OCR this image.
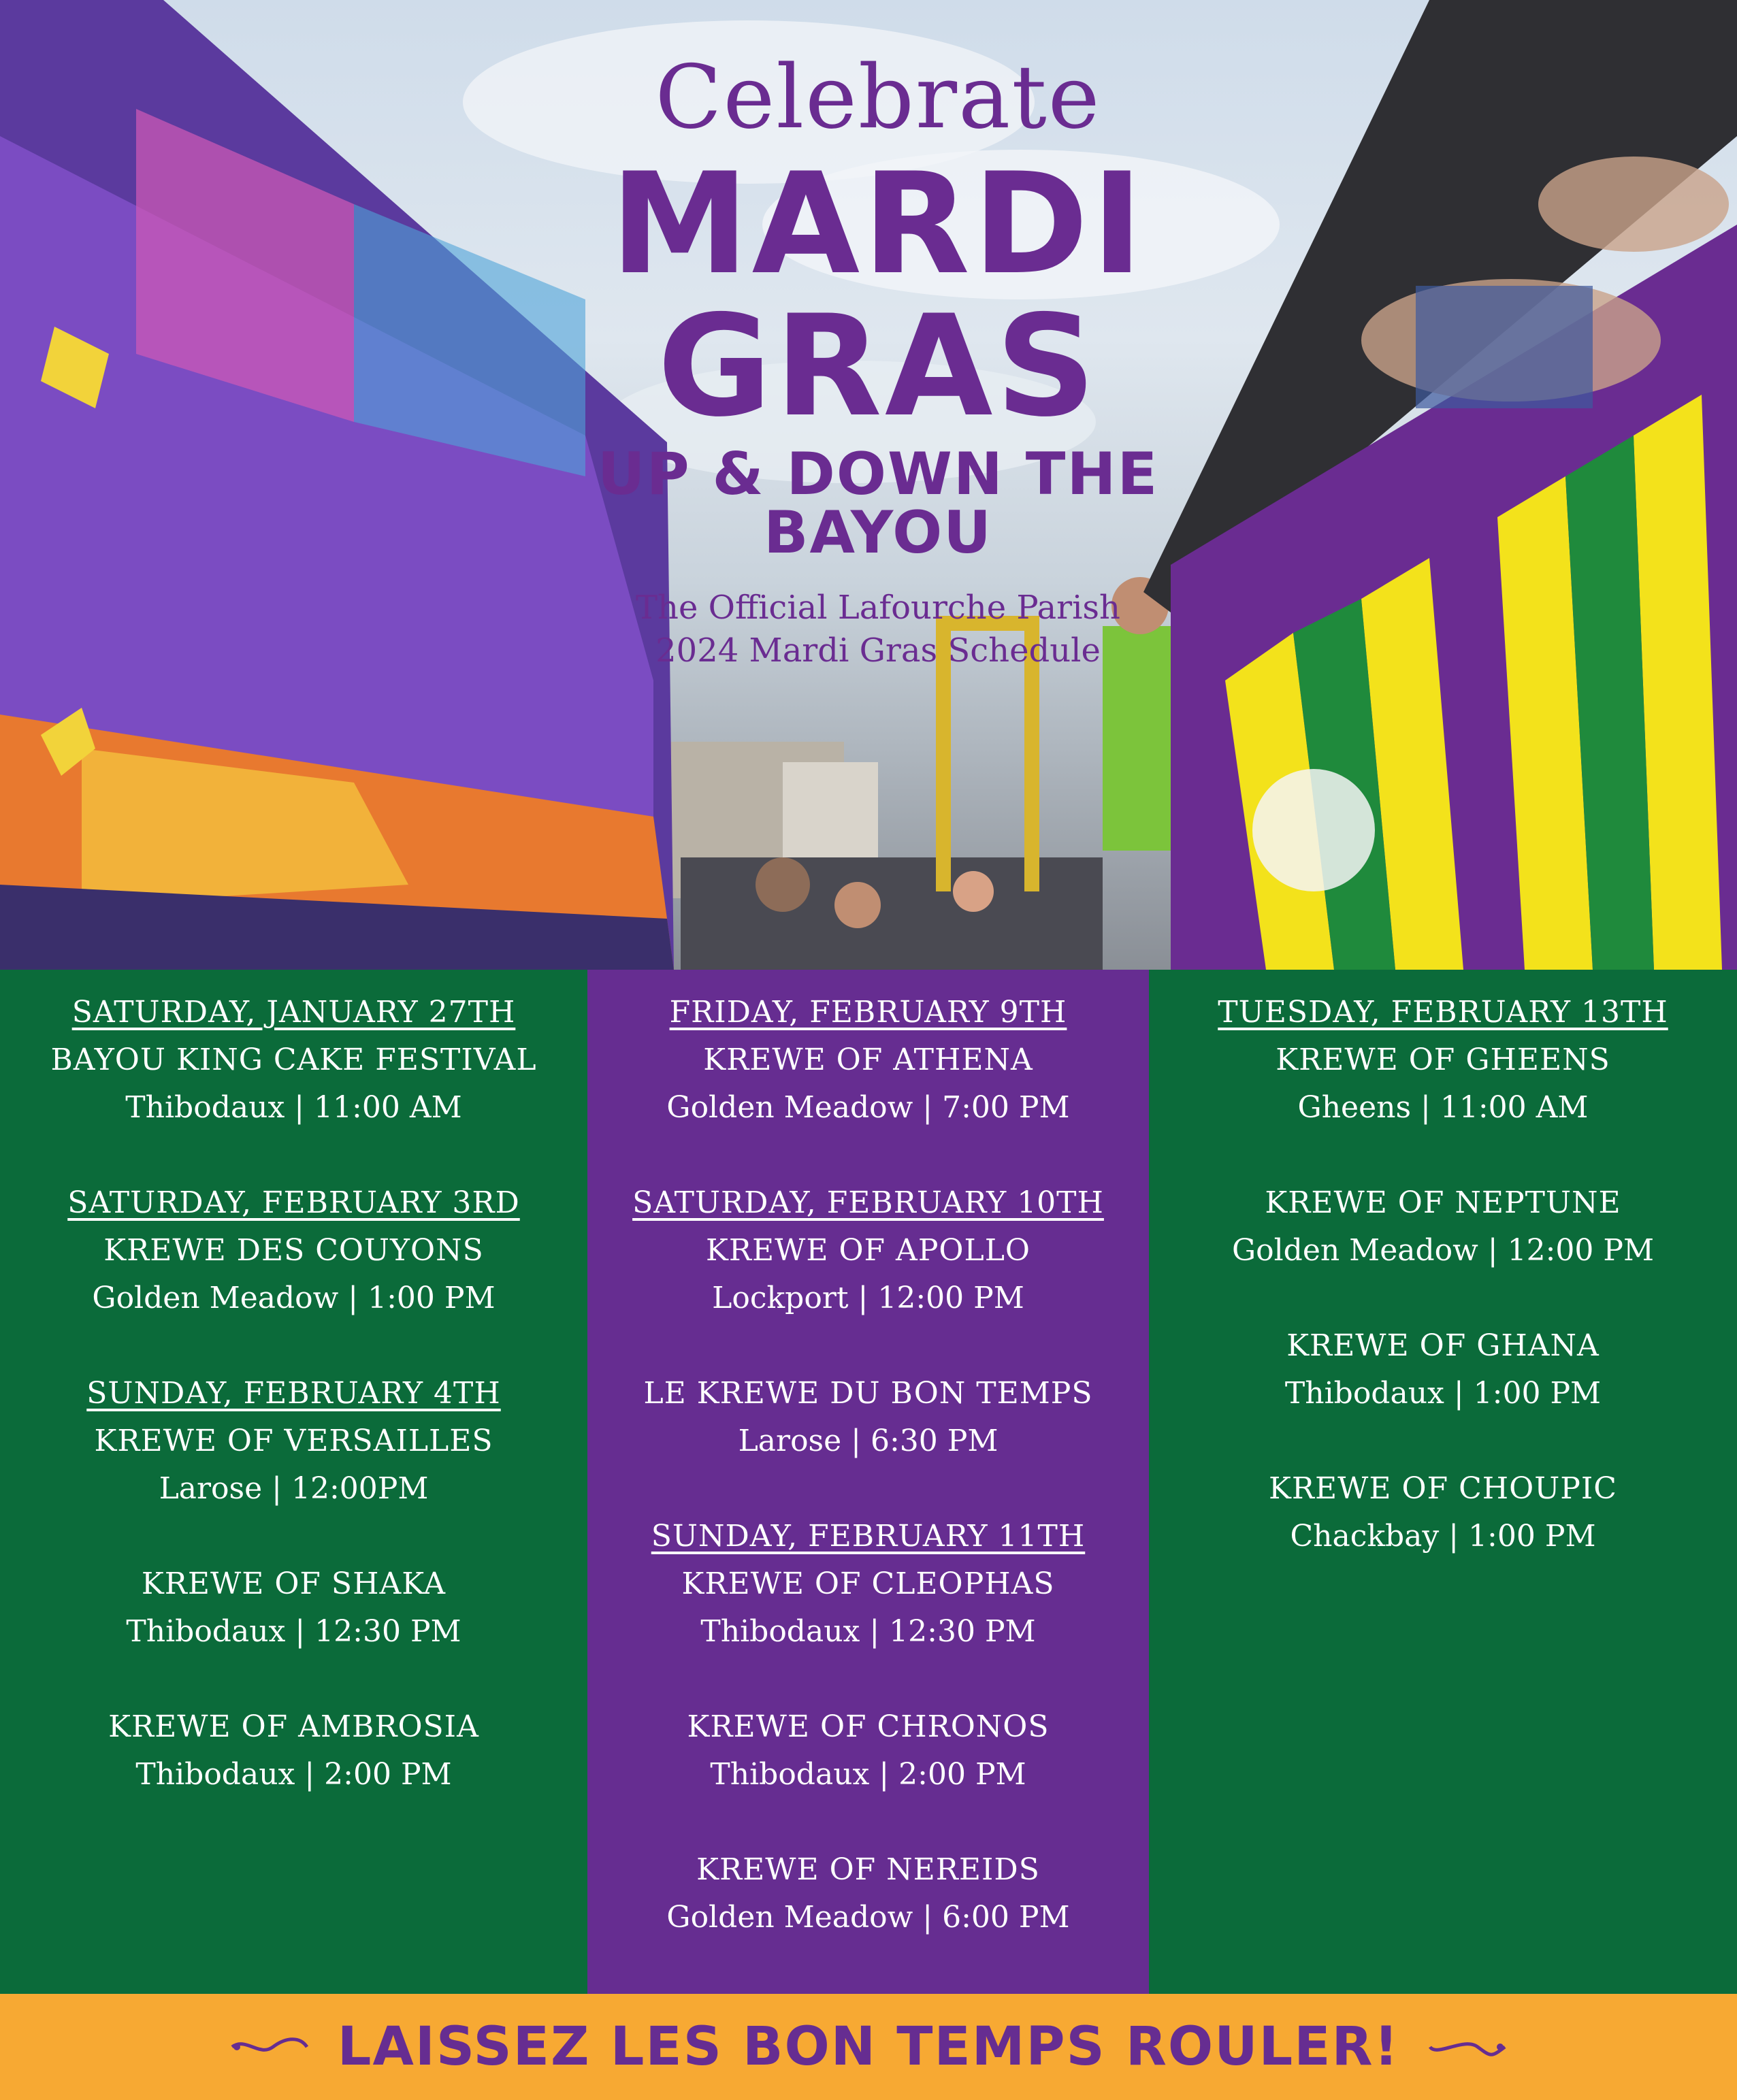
Celebrate
MARDI GRAS
UP & DOWN THE BAYOU
The Official Lafourche Parish
2024 Mardi Gras Schedule
SATURDAY, JANUARY 27TH
BAYOU KING CAKE FESTIVAL
Thibodaux | 11:00 AM
SATURDAY, FEBRUARY 3RD
KREWE DES COUYONS
Golden Meadow | 1:00 PM
SUNDAY, FEBRUARY 4TH
KREWE OF VERSAILLES
Larose | 12:00PM
KREWE OF SHAKA
Thibodaux | 12:30 PM
KREWE OF AMBROSIA
Thibodaux | 2:00 PM
FRIDAY, FEBRUARY 9TH
KREWE OF ATHENA
Golden Meadow | 7:00 PM
SATURDAY, FEBRUARY 10TH
KREWE OF APOLLO
Lockport | 12:00 PM
LE KREWE DU BON TEMPS
Larose | 6:30 PM
SUNDAY, FEBRUARY 11TH
KREWE OF CLEOPHAS
Thibodaux | 12:30 PM
KREWE OF CHRONOS
Thibodaux | 2:00 PM
KREWE OF NEREIDS
Golden Meadow | 6:00 PM
TUESDAY, FEBRUARY 13TH
KREWE OF GHEENS
Gheens | 11:00 AM
KREWE OF NEPTUNE
Golden Meadow | 12:00 PM
KREWE OF GHANA
Thibodaux | 1:00 PM
KREWE OF CHOUPIC
Chackbay | 1:00 PM
LAISSEZ LES BON TEMPS ROULER!
